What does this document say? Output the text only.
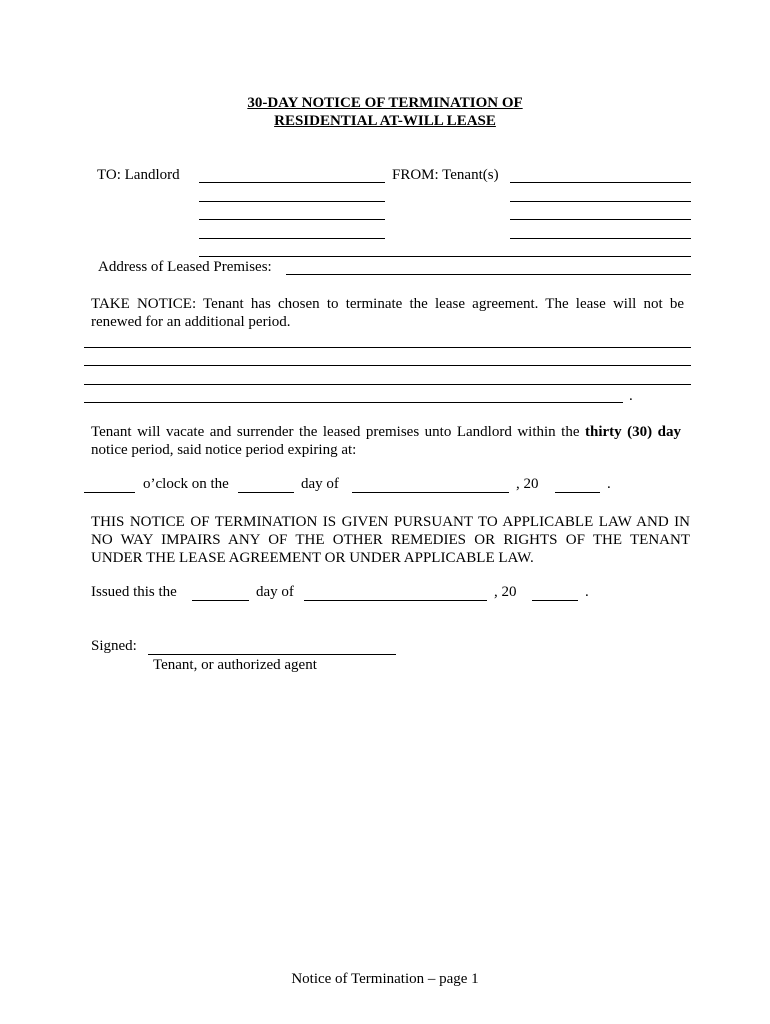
30-DAY NOTICE OF TERMINATION OF
RESIDENTIAL AT-WILL LEASE
TO: Landlord	FROM: Tenant(s)
Address of Leased Premises:
TAKE NOTICE: Tenant has chosen to terminate the lease agreement. The lease will not be renewed for an additional period.
.
Tenant will vacate and surrender the leased premises unto Landlord within the thirty (30) day notice period, said notice period expiring at:
o’clock on the	day of	, 20	.
THIS NOTICE OF TERMINATION IS GIVEN PURSUANT TO APPLICABLE LAW AND IN NO WAY IMPAIRS ANY OF THE OTHER REMEDIES OR RIGHTS OF THE TENANT UNDER THE LEASE AGREEMENT OR UNDER APPLICABLE LAW.
Issued this the	day of	, 20	.
Signed:
Tenant, or authorized agent
Notice of Termination – page 1
